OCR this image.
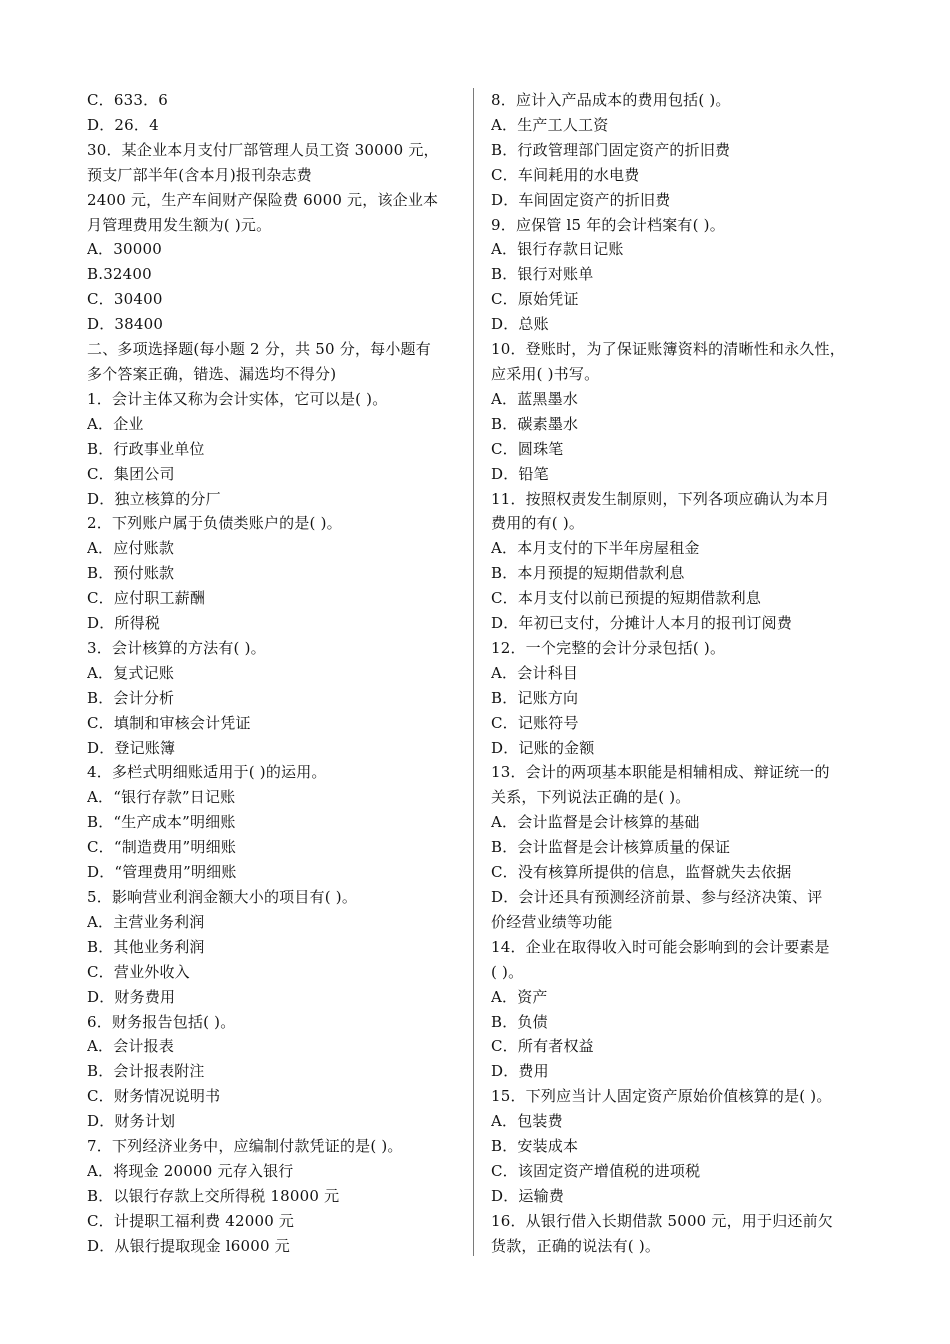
C．633．6
D．26．4
30．某企业本月支付厂部管理人员工资 30000 元，
预支厂部半年(含本月)报刊杂志费
2400 元，生产车间财产保险费 6000 元，该企业本
月管理费用发生额为( )元。
A．30000
B.32400
C．30400
D．38400
二、多项选择题(每小题 2 分，共 50 分，每小题有
多个答案正确，错选、漏选均不得分)
1．会计主体又称为会计实体，它可以是( )。
A．企业
B．行政事业单位
C．集团公司
D．独立核算的分厂
2．下列账户属于负债类账户的是( )。
A．应付账款
B．预付账款
C．应付职工薪酬
D．所得税
3．会计核算的方法有( )。
A．复式记账
B．会计分析
C．填制和审核会计凭证
D．登记账簿
4．多栏式明细账适用于( )的运用。
A．“银行存款”日记账
B．“生产成本”明细账
C．“制造费用”明细账
D．“管理费用”明细账
5．影响营业利润金额大小的项目有( )。
A．主营业务利润
B．其他业务利润
C．营业外收入
D．财务费用
6．财务报告包括( )。
A．会计报表
B．会计报表附注
C．财务情况说明书
D．财务计划
7．下列经济业务中，应编制付款凭证的是( )。
A．将现金 20000 元存入银行
B．以银行存款上交所得税 18000 元
C．计提职工福利费 42000 元
D．从银行提取现金 l6000 元
8．应计入产品成本的费用包括( )。
A．生产工人工资
B．行政管理部门固定资产的折旧费
C．车间耗用的水电费
D．车间固定资产的折旧费
9．应保管 l5 年的会计档案有( )。
A．银行存款日记账
B．银行对账单
C．原始凭证
D．总账
10．登账时，为了保证账簿资料的清晰性和永久性，
应采用( )书写。
A．蓝黑墨水
B．碳素墨水
C．圆珠笔
D．铅笔
11．按照权责发生制原则，下列各项应确认为本月
费用的有( )。
A．本月支付的下半年房屋租金
B．本月预提的短期借款利息
C．本月支付以前已预提的短期借款利息
D．年初已支付，分摊计人本月的报刊订阅费
12．一个完整的会计分录包括( )。
A．会计科目
B．记账方向
C．记账符号
D．记账的金额
13．会计的两项基本职能是相辅相成、辩证统一的
关系，下列说法正确的是( )。
A．会计监督是会计核算的基础
B．会计监督是会计核算质量的保证
C．没有核算所提供的信息，监督就失去依据
D．会计还具有预测经济前景、参与经济决策、评
价经营业绩等功能
14．企业在取得收入时可能会影响到的会计要素是
( )。
A．资产
B．负债
C．所有者权益
D．费用
15．下列应当计人固定资产原始价值核算的是( )。
A．包装费
B．安装成本
C．该固定资产增值税的进项税
D．运输费
16．从银行借入长期借款 5000 元，用于归还前欠
货款，正确的说法有( )。
